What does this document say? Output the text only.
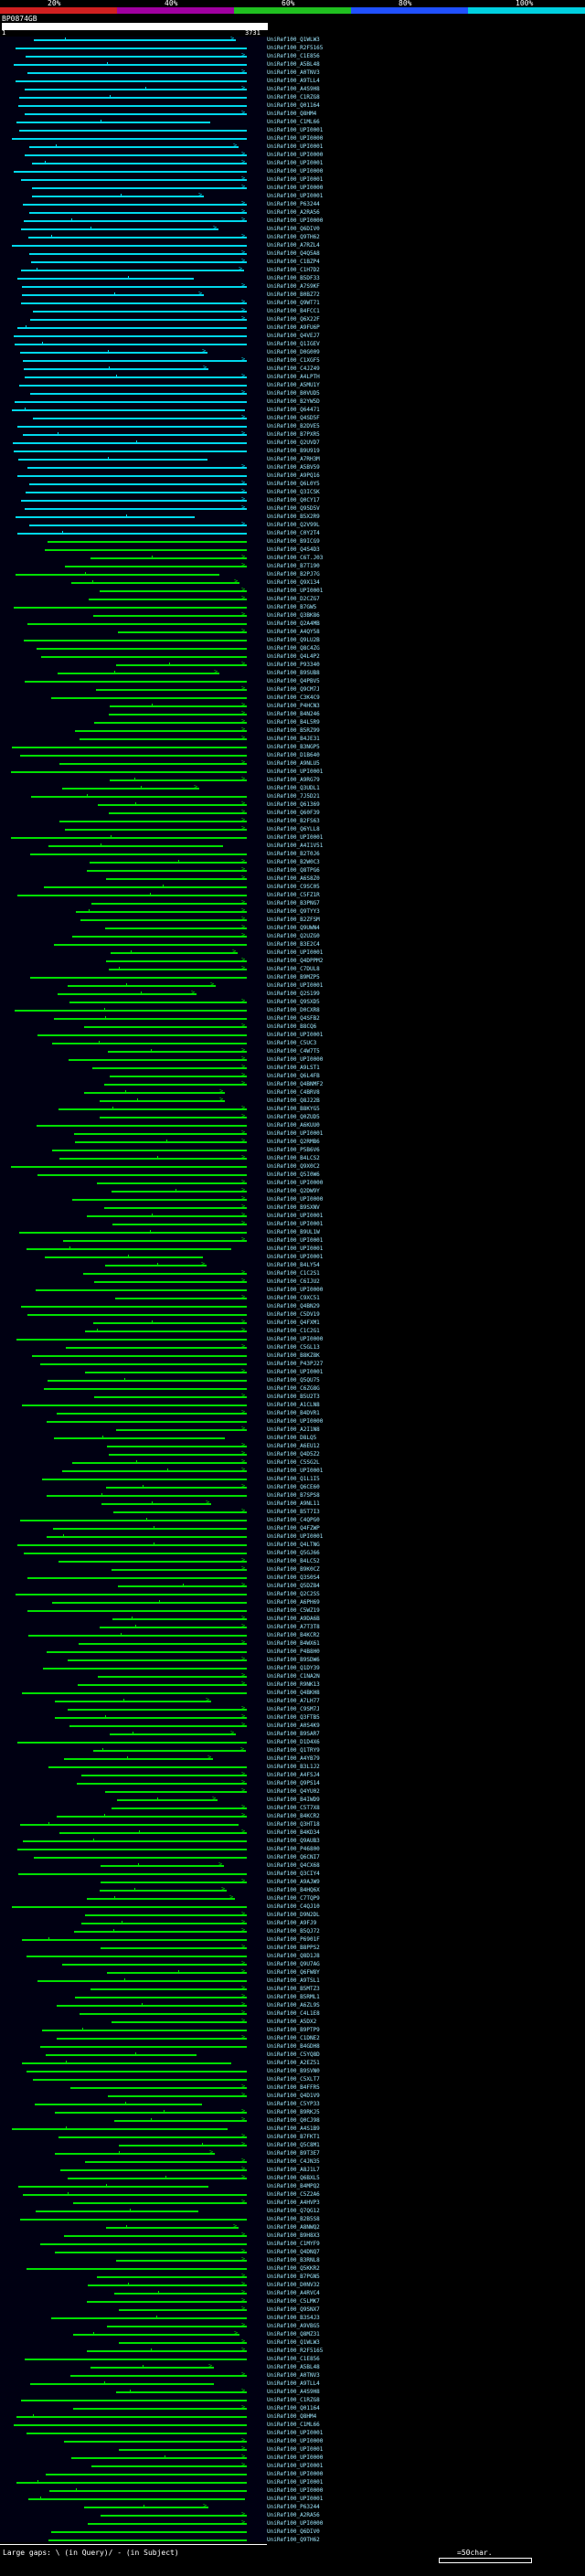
20%	40%	60%	80%	100%
BP0874GB
1	3731
>
>
>
>
>
>
>
>
>
>
>
>
>
>
>
>
>
>
>
>
>
>
>
>
>
>
>
>
>
>
>
>
>
>
>
>
>
>
>
>
>
>
>
>
>
>
>
>
>
>
>
>
>
>
>
>
>
>
>
>
>
>
>
>
>
>
>
>
>
>
>
>
>
>
>
>
>
>
>
>
>
>
>
>
>
>
>
>
>
>
>
>
>
>
>
>
>
>
>
>
>
>
>
>
>
>
>
>
>
>
>
>
>
>
>
>
>
>
>
>
>
>
>
>
>
>
>
>
>
>
>
>
>
>
>
>
>
>
>
>
>
>
>
>
>
>
>
>
>
>
>
>
>
>
>
>
>
>
>
>
>
>
>
>
>
>
>
>
>
>
>
>
>
>
>
>
>
>
>
>
>
>
>
>
>
UniRef100_Q1WLW3
UniRef100_R2F5165
UniRef100_C1E856
UniRef100_A5BL48
UniRef100_A0TNV3
UniRef100_A9TLL4
UniRef100_A4S9H8
UniRef100_C1RZG8
UniRef100_Q01164
UniRef100_Q8HM4
UniRef100_C1ML66
UniRef100_UPI0001
UniRef100_UPI0000
UniRef100_UPI0001
UniRef100_UPI0000
UniRef100_UPI0001
UniRef100_UPI0000
UniRef100_UPI0001
UniRef100_UPI0000
UniRef100_UPI0001
UniRef100_P63244
UniRef100_A2RA56
UniRef100_UPI0000
UniRef100_Q6DIV0
UniRef100_Q9TH62
UniRef100_A7RZL4
UniRef100_Q4Q5A8
UniRef100_C1BZP4
UniRef100_C1H7D2
UniRef100_B5DF33
UniRef100_A7S9KF
UniRef100_B0BZ72
UniRef100_Q9WT71
UniRef100_B4FCC1
UniRef100_Q6X22F
UniRef100_A9FU6P
UniRef100_Q4VEJ7
UniRef100_Q1IGEV
UniRef100_D0G009
UniRef100_C1XGF5
UniRef100_C4JZ49
UniRef100_A4LPTH
UniRef100_A5MU1Y
UniRef100_B0VUD5
UniRef100_B2YW5D
UniRef100_Q64471
UniRef100_Q4SD5F
UniRef100_B2DVE5
UniRef100_B7PXR5
UniRef100_Q2UVD7
UniRef100_B9U919
UniRef100_A7RH3M
UniRef100_A5BV59
UniRef100_A9PQ16
UniRef100_Q6L0Y5
UniRef100_Q3ICSK
UniRef100_Q0CY17
UniRef100_Q95D5V
UniRef100_B5X2R9
UniRef100_Q2V99L
UniRef100_C0Y2T4
UniRef100_B9ICG9
UniRef100_Q4S4D3
UniRef100_C6T.J03
UniRef100_B7T190
UniRef100_B2PJ7G
UniRef100_Q9X134
UniRef100_UPI0001
UniRef100_D2CZG7
UniRef100_B7GW5
UniRef100_Q3BK86
UniRef100_Q2A4MB
UniRef100_A4QY58
UniRef100_Q9LU2B
UniRef100_Q8C4ZG
UniRef100_Q4L4P2
UniRef100_P93340
UniRef100_B9SUB8
UniRef100_Q4PBV5
UniRef100_Q9CM7J
UniRef100_C3K4C9
UniRef100_P4HCN3
UniRef100_B4N246
UniRef100_B4L5R9
UniRef100_B5RZ99
UniRef100_B4JE31
UniRef100_B3NGP5
UniRef100_D1B640
UniRef100_A9NLU5
UniRef100_UPI0001
UniRef100_A9RG79
UniRef100_Q3UDL1
UniRef100_7J5D21
UniRef100_Q61369
UniRef100_Q60F39
UniRef100_B2FS63
UniRef100_Q6YLL8
UniRef100_UPI0001
UniRef100_A4I1V51
UniRef100_B2T0J6
UniRef100_B2W0C3
UniRef100_Q8TPG6
UniRef100_A6S8Z0
UniRef100_C9SC05
UniRef100_C5FZ1R
UniRef100_B3PNG7
UniRef100_Q9TYY3
UniRef100_B2ZFSM
UniRef100_Q9UWN4
UniRef100_Q2UZG0
UniRef100_B3E2C4
UniRef100_UPI0001
UniRef100_Q4DPPM2
UniRef100_C7DUL8
UniRef100_B9MZP5
UniRef100_UPI0001
UniRef100_Q2S199
UniRef100_Q9SXD5
UniRef100_D0CXR8
UniRef100_Q4SFB2
UniRef100_B8CQ6
UniRef100_UPI0001
UniRef100_C5UC3
UniRef100_C4W7T5
UniRef100_UPI0000
UniRef100_A9LST1
UniRef100_Q6L4FB
UniRef100_Q4BNMF2
UniRef100_C4BRV8
UniRef100_Q8J22B
UniRef100_B8KYG5
UniRef100_Q0ZUD5
UniRef100_A6KUU0
UniRef100_UPI0001
UniRef100_Q2RMB6
UniRef100_P5B6V6
UniRef100_B4LCS2
UniRef100_Q9X0C2
UniRef100_Q5I0W6
UniRef100_UPI0000
UniRef100_Q2DW9Y
UniRef100_UPI0000
UniRef100_B9SXNV
UniRef100_UPI0001
UniRef100_UPI0001
UniRef100_B9UL1W
UniRef100_UPI0001
UniRef100_UPI0001
UniRef100_UPI0001
UniRef100_B4LY54
UniRef100_C1C2S1
UniRef100_C6IJU2
UniRef100_UPI0000
UniRef100_C9XC51
UniRef100_Q4BN29
UniRef100_C5DV19
UniRef100_Q4FXM1
UniRef100_C1C2G1
UniRef100_UPI0000
UniRef100_C5GL13
UniRef100_B8KZ8K
UniRef100_P43PJ27
UniRef100_UPI0001
UniRef100_Q5QU75
UniRef100_C6ZG8G
UniRef100_B5U2T3
UniRef100_A1CLN8
UniRef100_B4DVR1
UniRef100_UPI0000
UniRef100_A2I1N8
UniRef100_D8LQ5
UniRef100_A6EU12
UniRef100_Q4D5Z2
UniRef100_C5SG2L
UniRef100_UPI0001
UniRef100_Q1L1I5
UniRef100_Q6CE60
UniRef100_B7SPS8
UniRef100_A9NL11
UniRef100_B5T7I3
UniRef100_C4QPG0
UniRef100_Q4FZWP
UniRef100_UPI0001
UniRef100_Q4LTNG
UniRef100_Q5GJ66
UniRef100_B4LC52
UniRef100_B9K0CZ
UniRef100_Q3S0S4
UniRef100_Q5DZ84
UniRef100_Q2C2SS
UniRef100_A6PH69
UniRef100_C5WZ19
UniRef100_A9DA6B
UniRef100_A7T3T8
UniRef100_B4KCR2
UniRef100_B4WX61
UniRef100_P4B8H0
UniRef100_B9SDW6
UniRef100_Q1DY39
UniRef100_C1NA2N
UniRef100_R9NK13
UniRef100_Q4BKH8
UniRef100_A7LH77
UniRef100_C9SM7J
UniRef100_Q3FTB5
UniRef100_A0S4K9
UniRef100_B9SAR7
UniRef100_D1D4X6
UniRef100_Q1TRY9
UniRef100_A4YB79
UniRef100_B3L1J2
UniRef100_A4FSJ4
UniRef100_Q9PS14
UniRef100_Q4YU02
UniRef100_B4IWD9
UniRef100_C5T7X8
UniRef100_B4KCR2
UniRef100_Q3HT18
UniRef100_B4KD34
UniRef100_Q9AUB3
UniRef100_P46800
UniRef100_Q6CNI7
UniRef100_Q4CX68
UniRef100_Q3CIY4
UniRef100_A9AJW9
UniRef100_B4HQ6X
UniRef100_C7TQP9
UniRef100_C4QJ10
UniRef100_D9N2DL
UniRef100_A9FJ9
UniRef100_B5QJ72
UniRef100_P6901F
UniRef100_B8PPS2
UniRef100_Q8D1J8
UniRef100_Q9U7AG
UniRef100_Q6FW8Y
UniRef100_A9TSL1
UniRef100_B5MTZ3
UniRef100_B5RML1
UniRef100_A6ZL9S
UniRef100_C4L1E8
UniRef100_A5DX2
UniRef100_B9PTP9
UniRef100_C1DNE2
UniRef100_B4GDH8
UniRef100_C5YQ8D
UniRef100_A2EZ51
UniRef100_B9SVN0
UniRef100_C5XLT7
UniRef100_B4FFR5
UniRef100_Q4D1V9
UniRef100_C5YP33
UniRef100_B9RKJ5
UniRef100_Q0CJ98
UniRef100_A4S1B9
UniRef100_B7FKT1
UniRef100_Q5C8M1
UniRef100_B9T3E7
UniRef100_C4JN35
UniRef100_A8J1L7
UniRef100_Q6BXL5
UniRef100_B4MPQ2
UniRef100_C5Z2A6
UniRef100_A4HVP3
UniRef100_Q7QG12
UniRef100_B2B5S8
UniRef100_A8NWQ2
UniRef100_B9H8X3
UniRef100_C1MYF9
UniRef100_Q4DNQ7
UniRef100_B3RNL8
UniRef100_Q5KKR2
UniRef100_B7PGN5
UniRef100_D0NV32
UniRef100_A4RVC4
UniRef100_C5LMK7
UniRef100_Q9SNX7
UniRef100_B3S4J3
UniRef100_A9VBG5
UniRef100_Q8MZ31
UniRef100_Q1WLW3
UniRef100_R2F5165
UniRef100_C1E856
UniRef100_A5BL48
UniRef100_A0TNV3
UniRef100_A9TLL4
UniRef100_A4S9H8
UniRef100_C1RZG8
UniRef100_Q01164
UniRef100_Q8HM4
UniRef100_C1ML66
UniRef100_UPI0001
UniRef100_UPI0000
UniRef100_UPI0001
UniRef100_UPI0000
UniRef100_UPI0001
UniRef100_UPI0000
UniRef100_UPI0001
UniRef100_UPI0000
UniRef100_UPI0001
UniRef100_P63244
UniRef100_A2RA56
UniRef100_UPI0000
UniRef100_Q6DIV0
UniRef100_Q9TH62
Large gaps: \ (in Query)/ - (in Subject)	=50char.
